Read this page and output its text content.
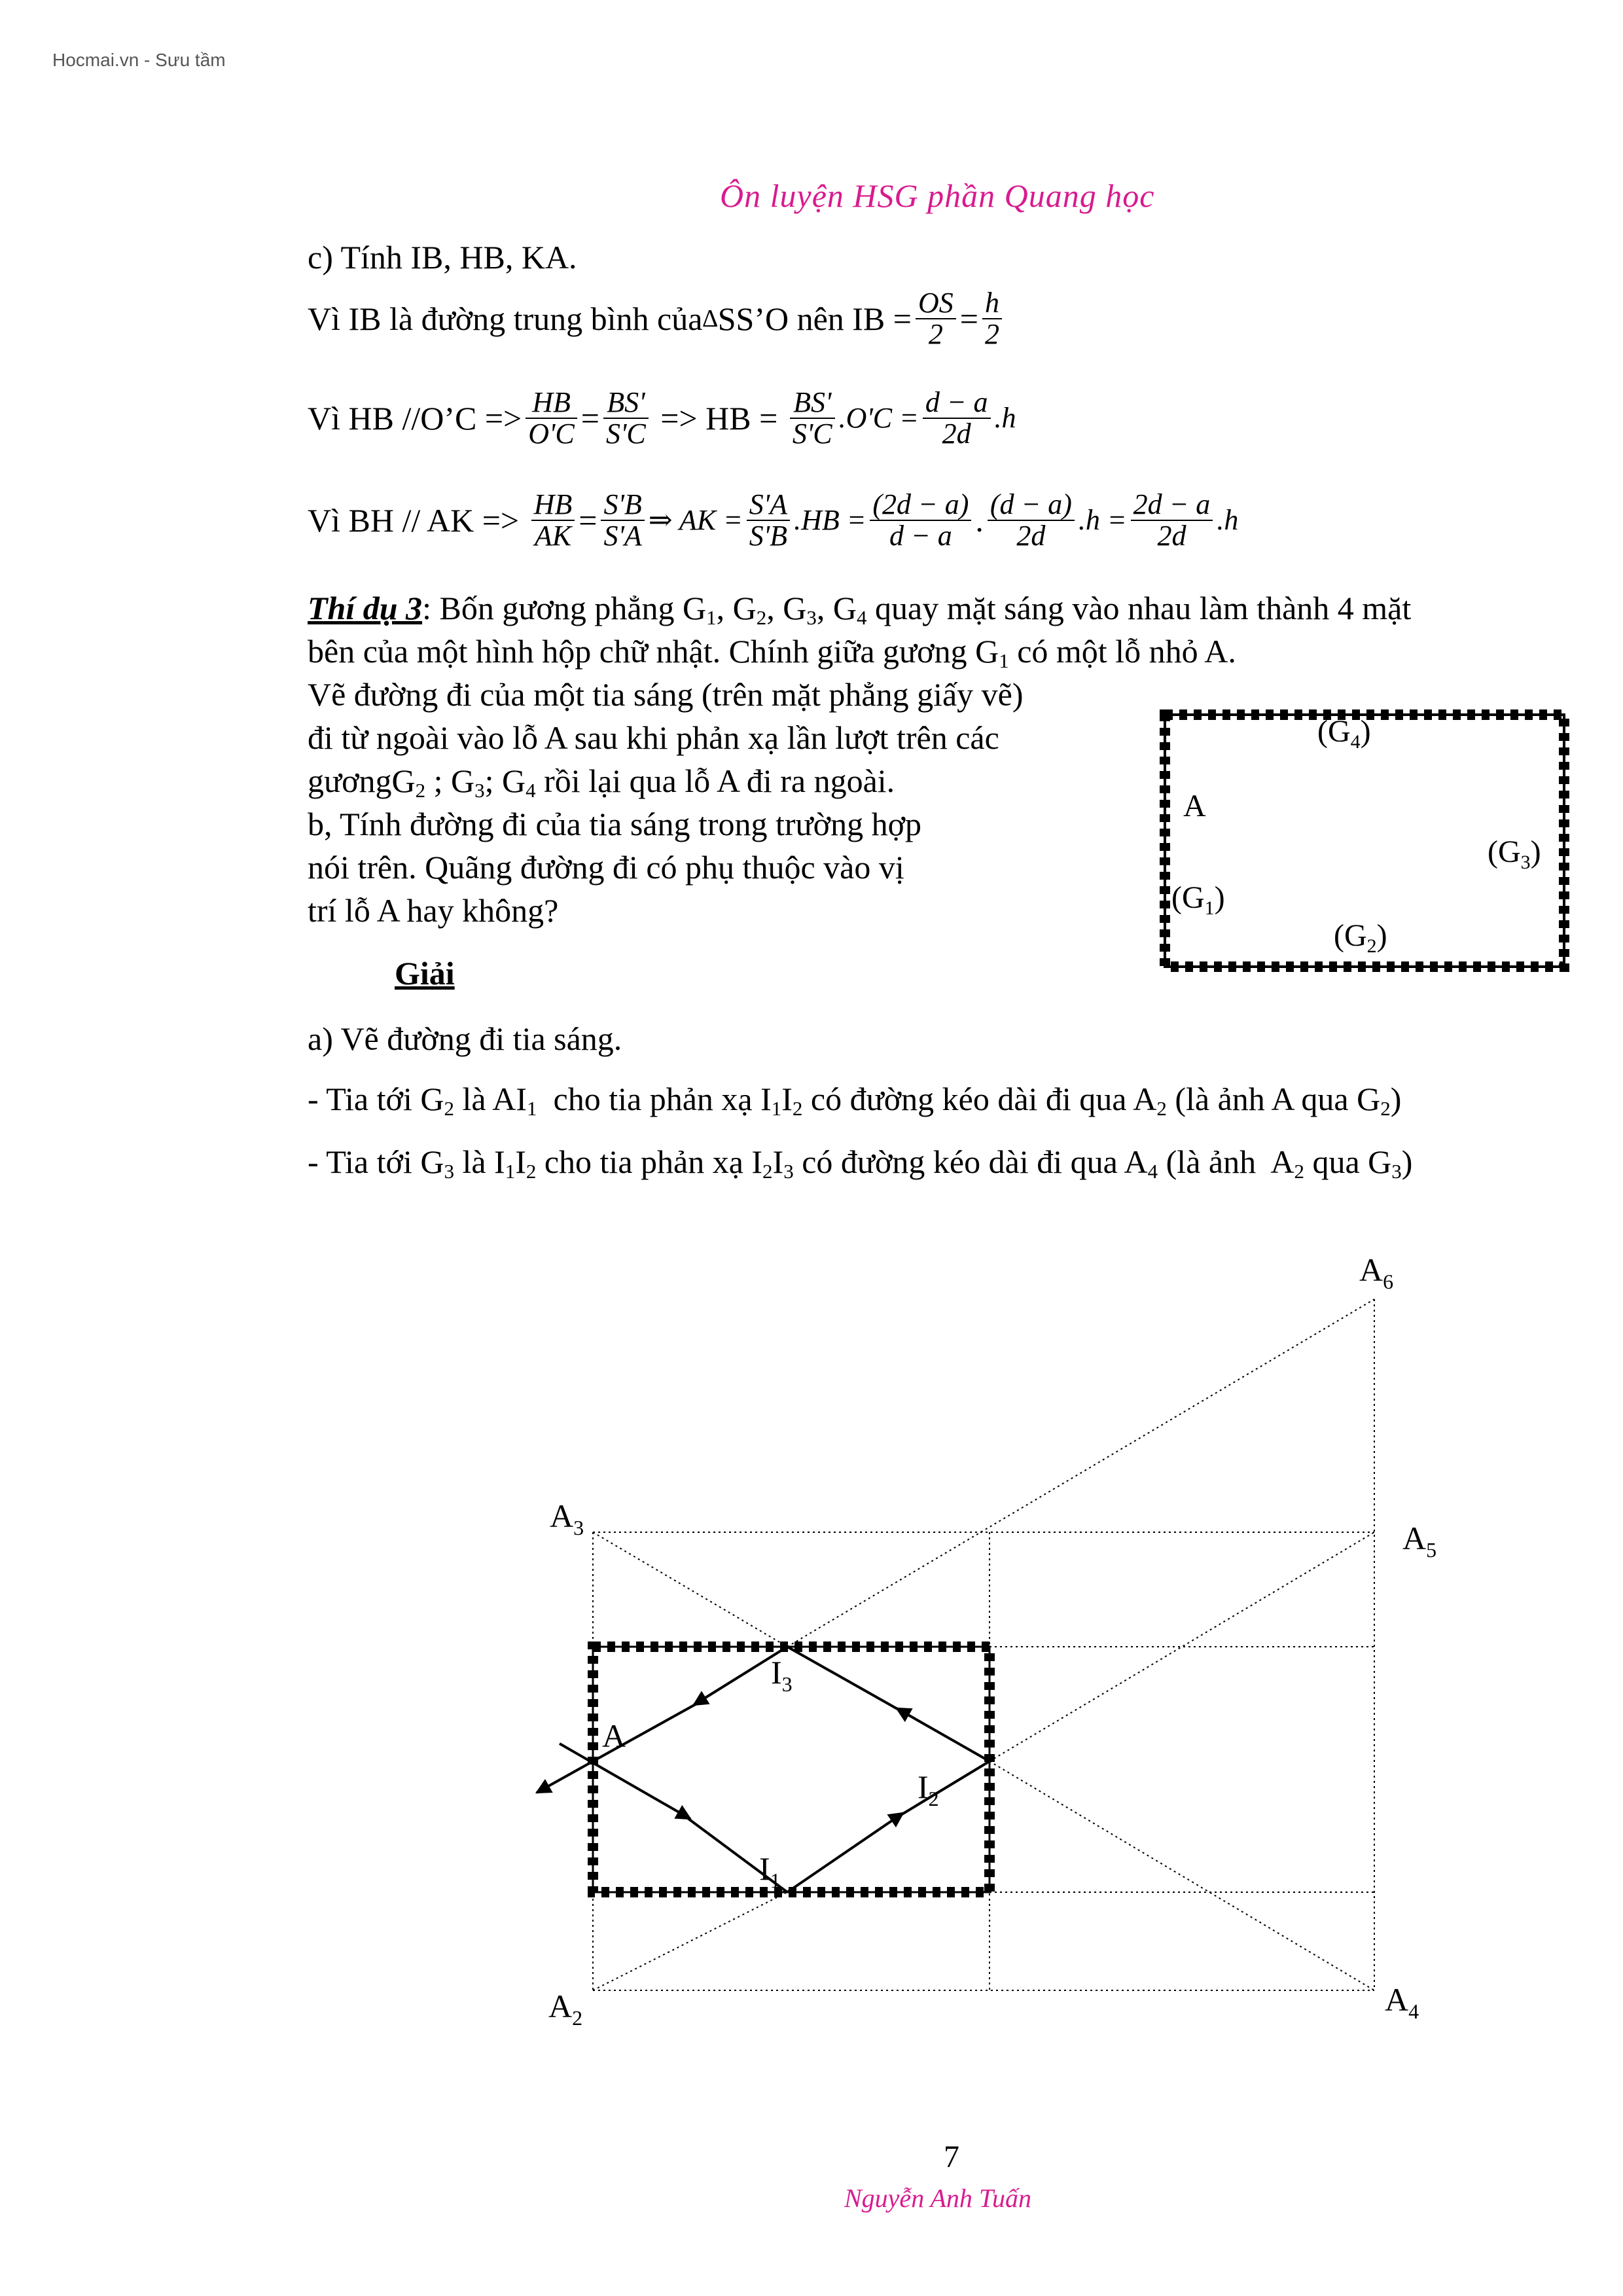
Hocmai.vn - Sưu tầm
Ôn luyện HSG phần Quang học
c) Tính IB, HB, KA.
Vì IB là đường trung bình của ∆ SS’O nên IB = $\frac{OS}{2} = \frac{h}{2}$
Vì HB //O’C => $\frac{HB}{O'C} = \frac{BS'}{S'C}$ => HB = $\frac{BS'}{S'C} .O'C = \frac{d - a}{2d} .h$
Vì BH // AK => $\frac{HB}{AK} = \frac{S'B}{S'A}$ ⇒ AK = $\frac{S'A}{S'B} .HB = \frac{(2d - a)}{d - a}$ . $\frac{(d - a)}{2d} .h = \frac{2d - a}{2d} .h$
Thí dụ 3: Bốn gương phẳng $G_1$, $G_2$, $G_3$, $G_4$ quay mặt sáng vào nhau làm thành 4 mặt
bên của một hình hộp chữ nhật. Chính giữa gương $G_1$ có một lỗ nhỏ A.
Vẽ đường đi của một tia sáng (trên mặt phẳng giấy vẽ)
đi từ ngoài vào lỗ A sau khi phản xạ lần lượt trên các
gươngG$_2$ ; $G_3$; $G_4$ rồi lại qua lỗ A đi ra ngoài.
b, Tính đường đi của tia sáng trong trường hợp
nói trên. Quãng đường đi có phụ thuộc vào vị
trí lỗ A hay không?
$(G_4)$
A
$(G_3)$
$(G_1)$
$(G_2)$
Giải
a) Vẽ đường đi tia sáng.
- Tia tới $G_2$ là $AI_1$  cho tia phản xạ $I_1I_2$ có đường kéo dài đi qua $A_2$ (là ảnh A qua $G_2$)
- Tia tới $G_3$ là $I_1I_2$ cho tia phản xạ $I_2I_3$ có đường kéo dài đi qua $A_4$ (là ảnh  $A_2$ qua $G_3$)
A
$I_1$
$I_2$
$I_3$
$A_2$
$A_3$
$A_4$
$A_5$
$A_6$
7
Nguyễn Anh Tuấn
